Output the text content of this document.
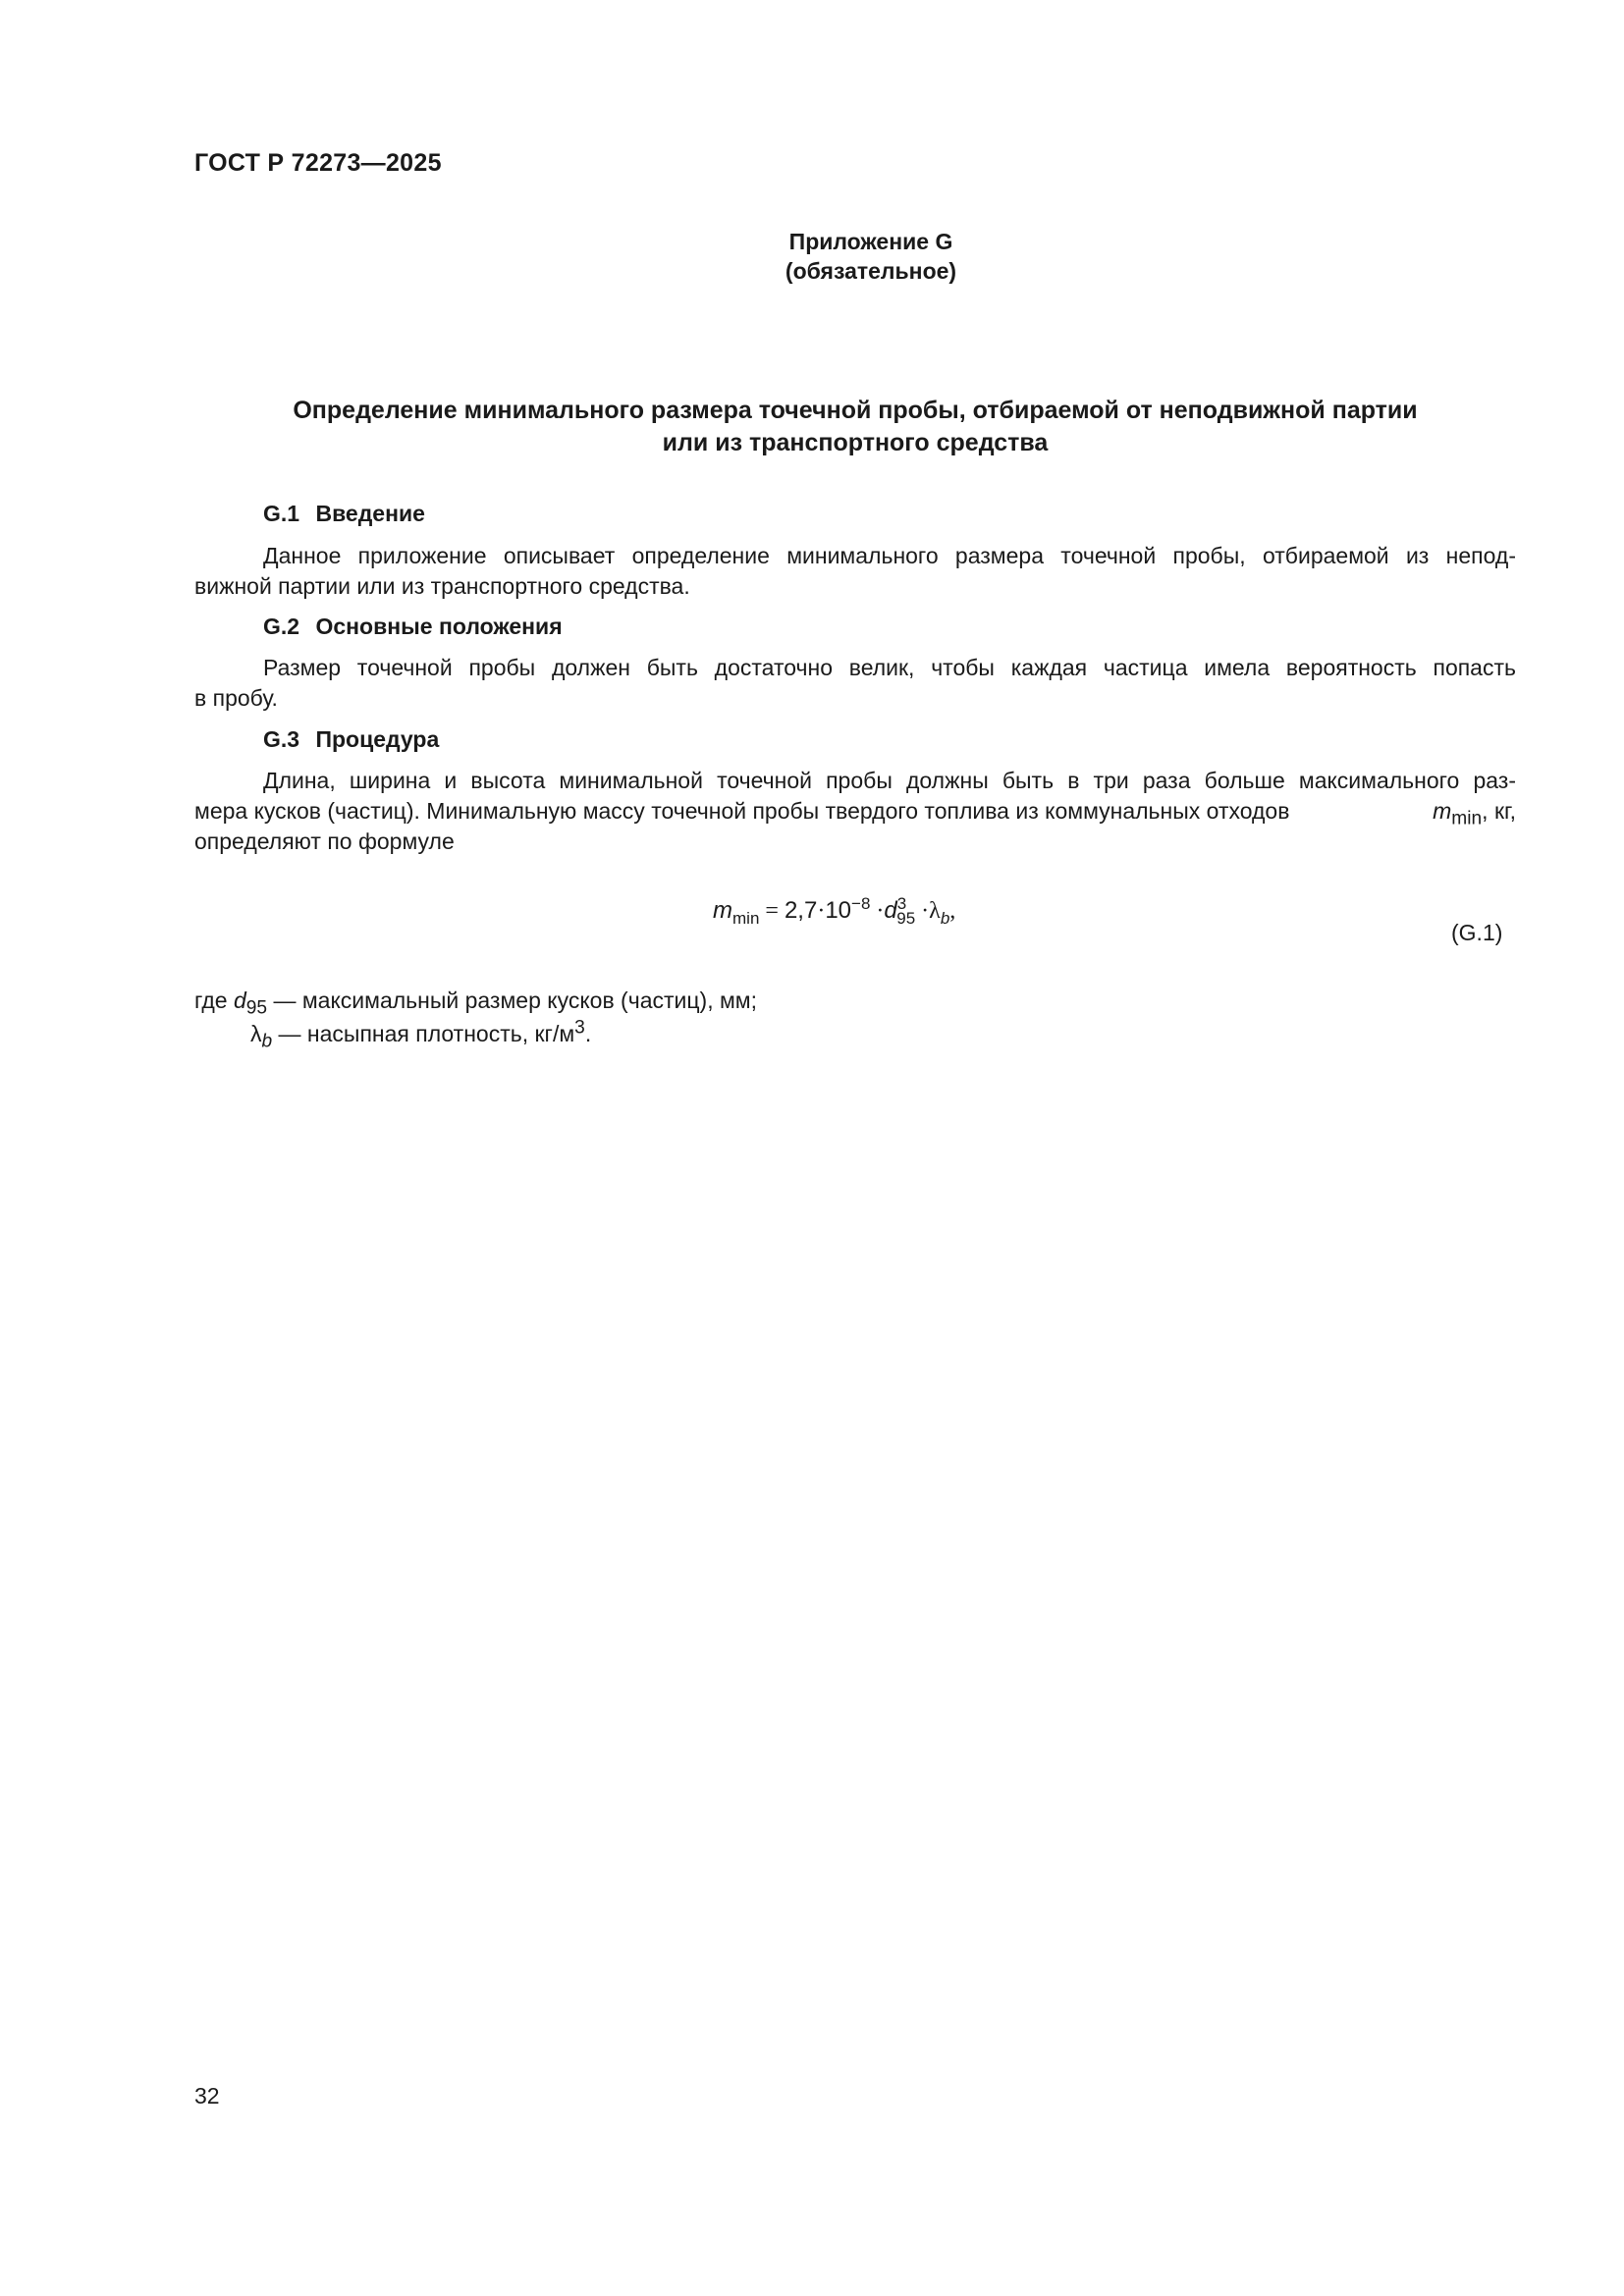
ГОСТ Р 72273—2025
Приложение G
(обязательное)
Определение минимального размера точечной пробы, отбираемой от неподвижной партии
или из транспортного средства
G.1 Введение
Данное приложение описывает определение минимального размера точечной пробы, отбираемой из непод-
вижной партии или из транспортного средства.
G.2 Основные положения
Размер точечной пробы должен быть достаточно велик, чтобы каждая частица имела вероятность попасть
в пробу.
G.3 Процедура
Длина, ширина и высота минимальной точечной пробы должны быть в три раза больше максимального раз-
мера кусков (частиц). Минимальную массу точечной пробы твердого топлива из коммунальных отходов	$m_{min}$, кг,
определяют по формуле
$m_{min} = 2,7\cdot 10^{-8} \cdot d^3_{95} \cdot\lambda_b$,
(G.1)
где $d_{95}$ — максимальный размер кусков (частиц), мм;
$\lambda_b$ — насыпная плотность, $кг/м^3$.
32
